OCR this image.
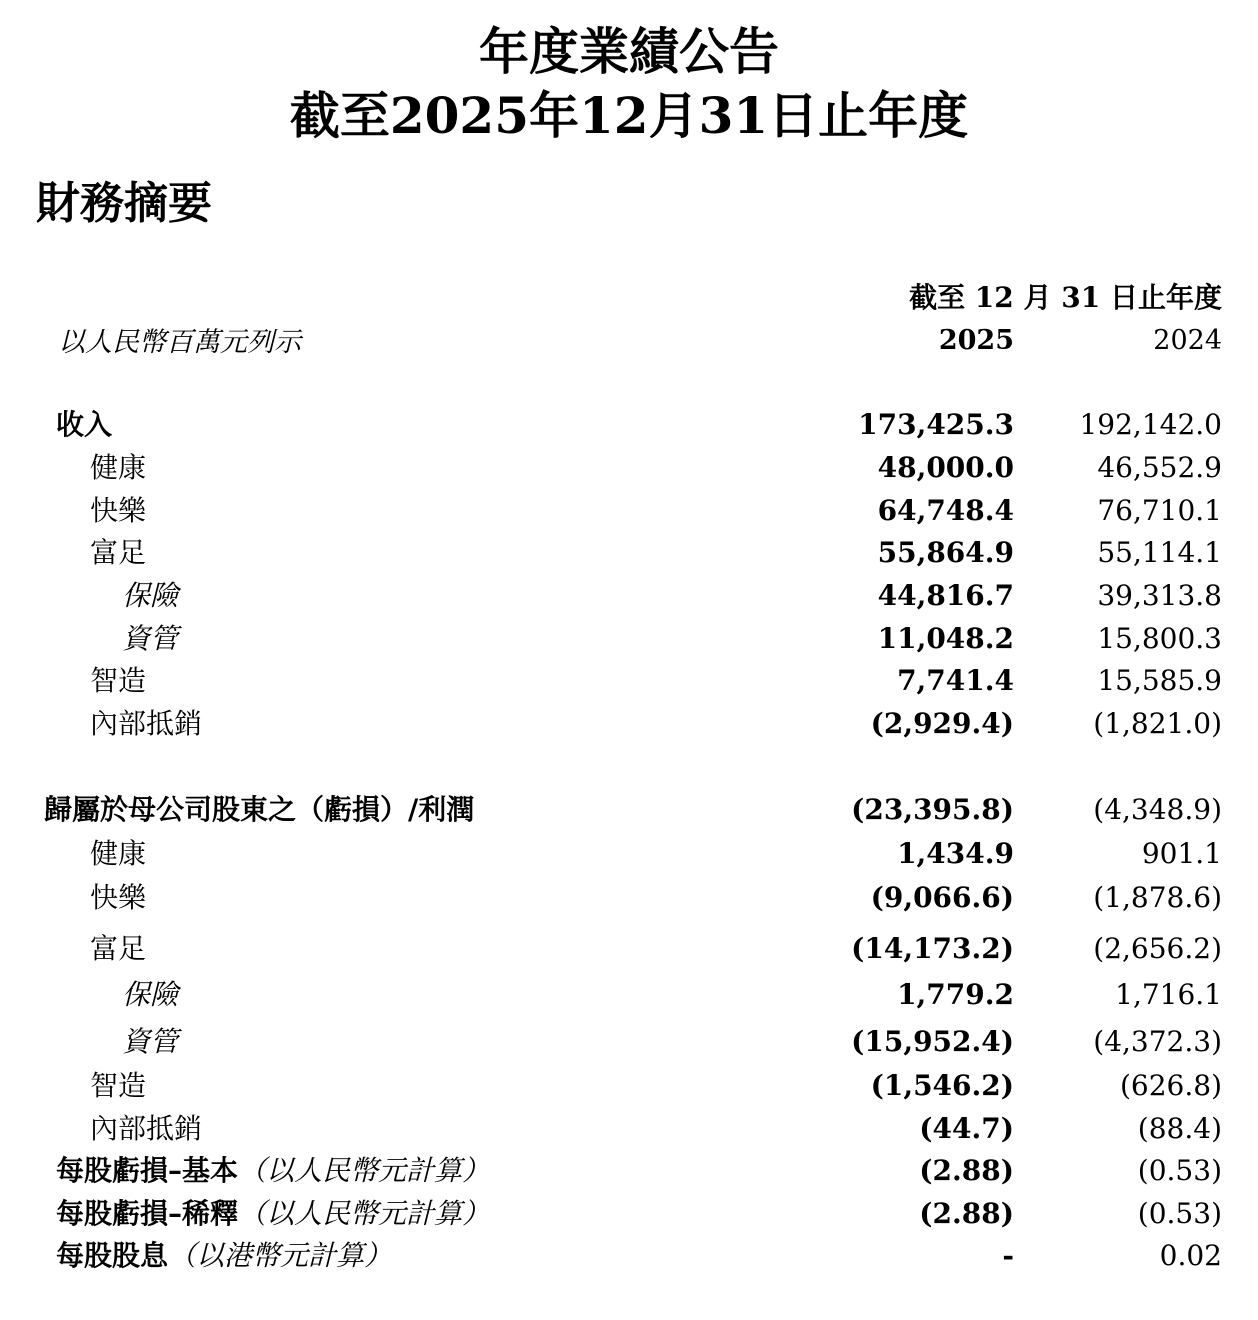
年度業績公告
截至2025年12月31日止年度
財務摘要
截至 12 月 31 日止年度
以人民幣百萬元列示	2025	2024
收入	173,425.3 192,142.0
健康	48,000.0	46,552.9
快樂	64,748.4	76,710.1
富足	55,864.9	55,114.1
保險	44,816.7	39,313.8
資管	11,048.2	15,800.3
智造	7,741.4	15,585.9
內部抵銷	(2,929.4)	(1,821.0)
歸屬於母公司股東之（虧損）/利潤	(23,395.8)	(4,348.9)
健康	1,434.9	901.1
快樂	(9,066.6)	(1,878.6)
富足	(14,173.2)	(2,656.2)
保險	1,779.2	1,716.1
資管	(15,952.4)	(4,372.3)
智造	(1,546.2)	(626.8)
內部抵銷	(44.7)	(88.4)
每股虧損–基本（以人民幣元計算）	(2.88)	(0.53)
每股虧損–稀釋（以人民幣元計算）	(2.88)	(0.53)
每股股息（以港幣元計算）	-	0.02
